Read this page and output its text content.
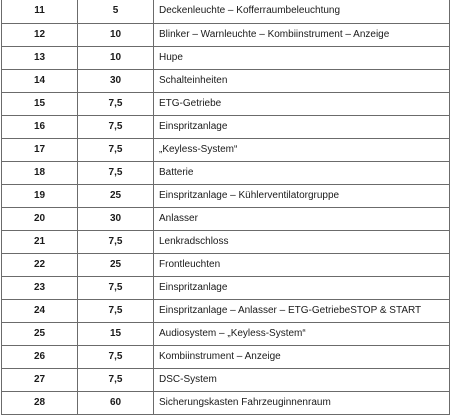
11	5	Deckenleuchte – Kofferraumbeleuchtung
12	10	Blinker – Warnleuchte – Kombiinstrument – Anzeige
13	10	Hupe
14	30	Schalteinheiten
15	7,5	ETG-Getriebe
16	7,5	Einspritzanlage
17	7,5	„Keyless-System“
18	7,5	Batterie
19	25	Einspritzanlage – Kühlerventilatorgruppe
20	30	Anlasser
21	7,5	Lenkradschloss
22	25	Frontleuchten
23	7,5	Einspritzanlage
24	7,5	Einspritzanlage – Anlasser – ETG-GetriebeSTOP & START
25	15	Audiosystem – „Keyless-System“
26	7,5	Kombiinstrument – Anzeige
27	7,5	DSC-System
28	60	Sicherungskasten Fahrzeuginnenraum
